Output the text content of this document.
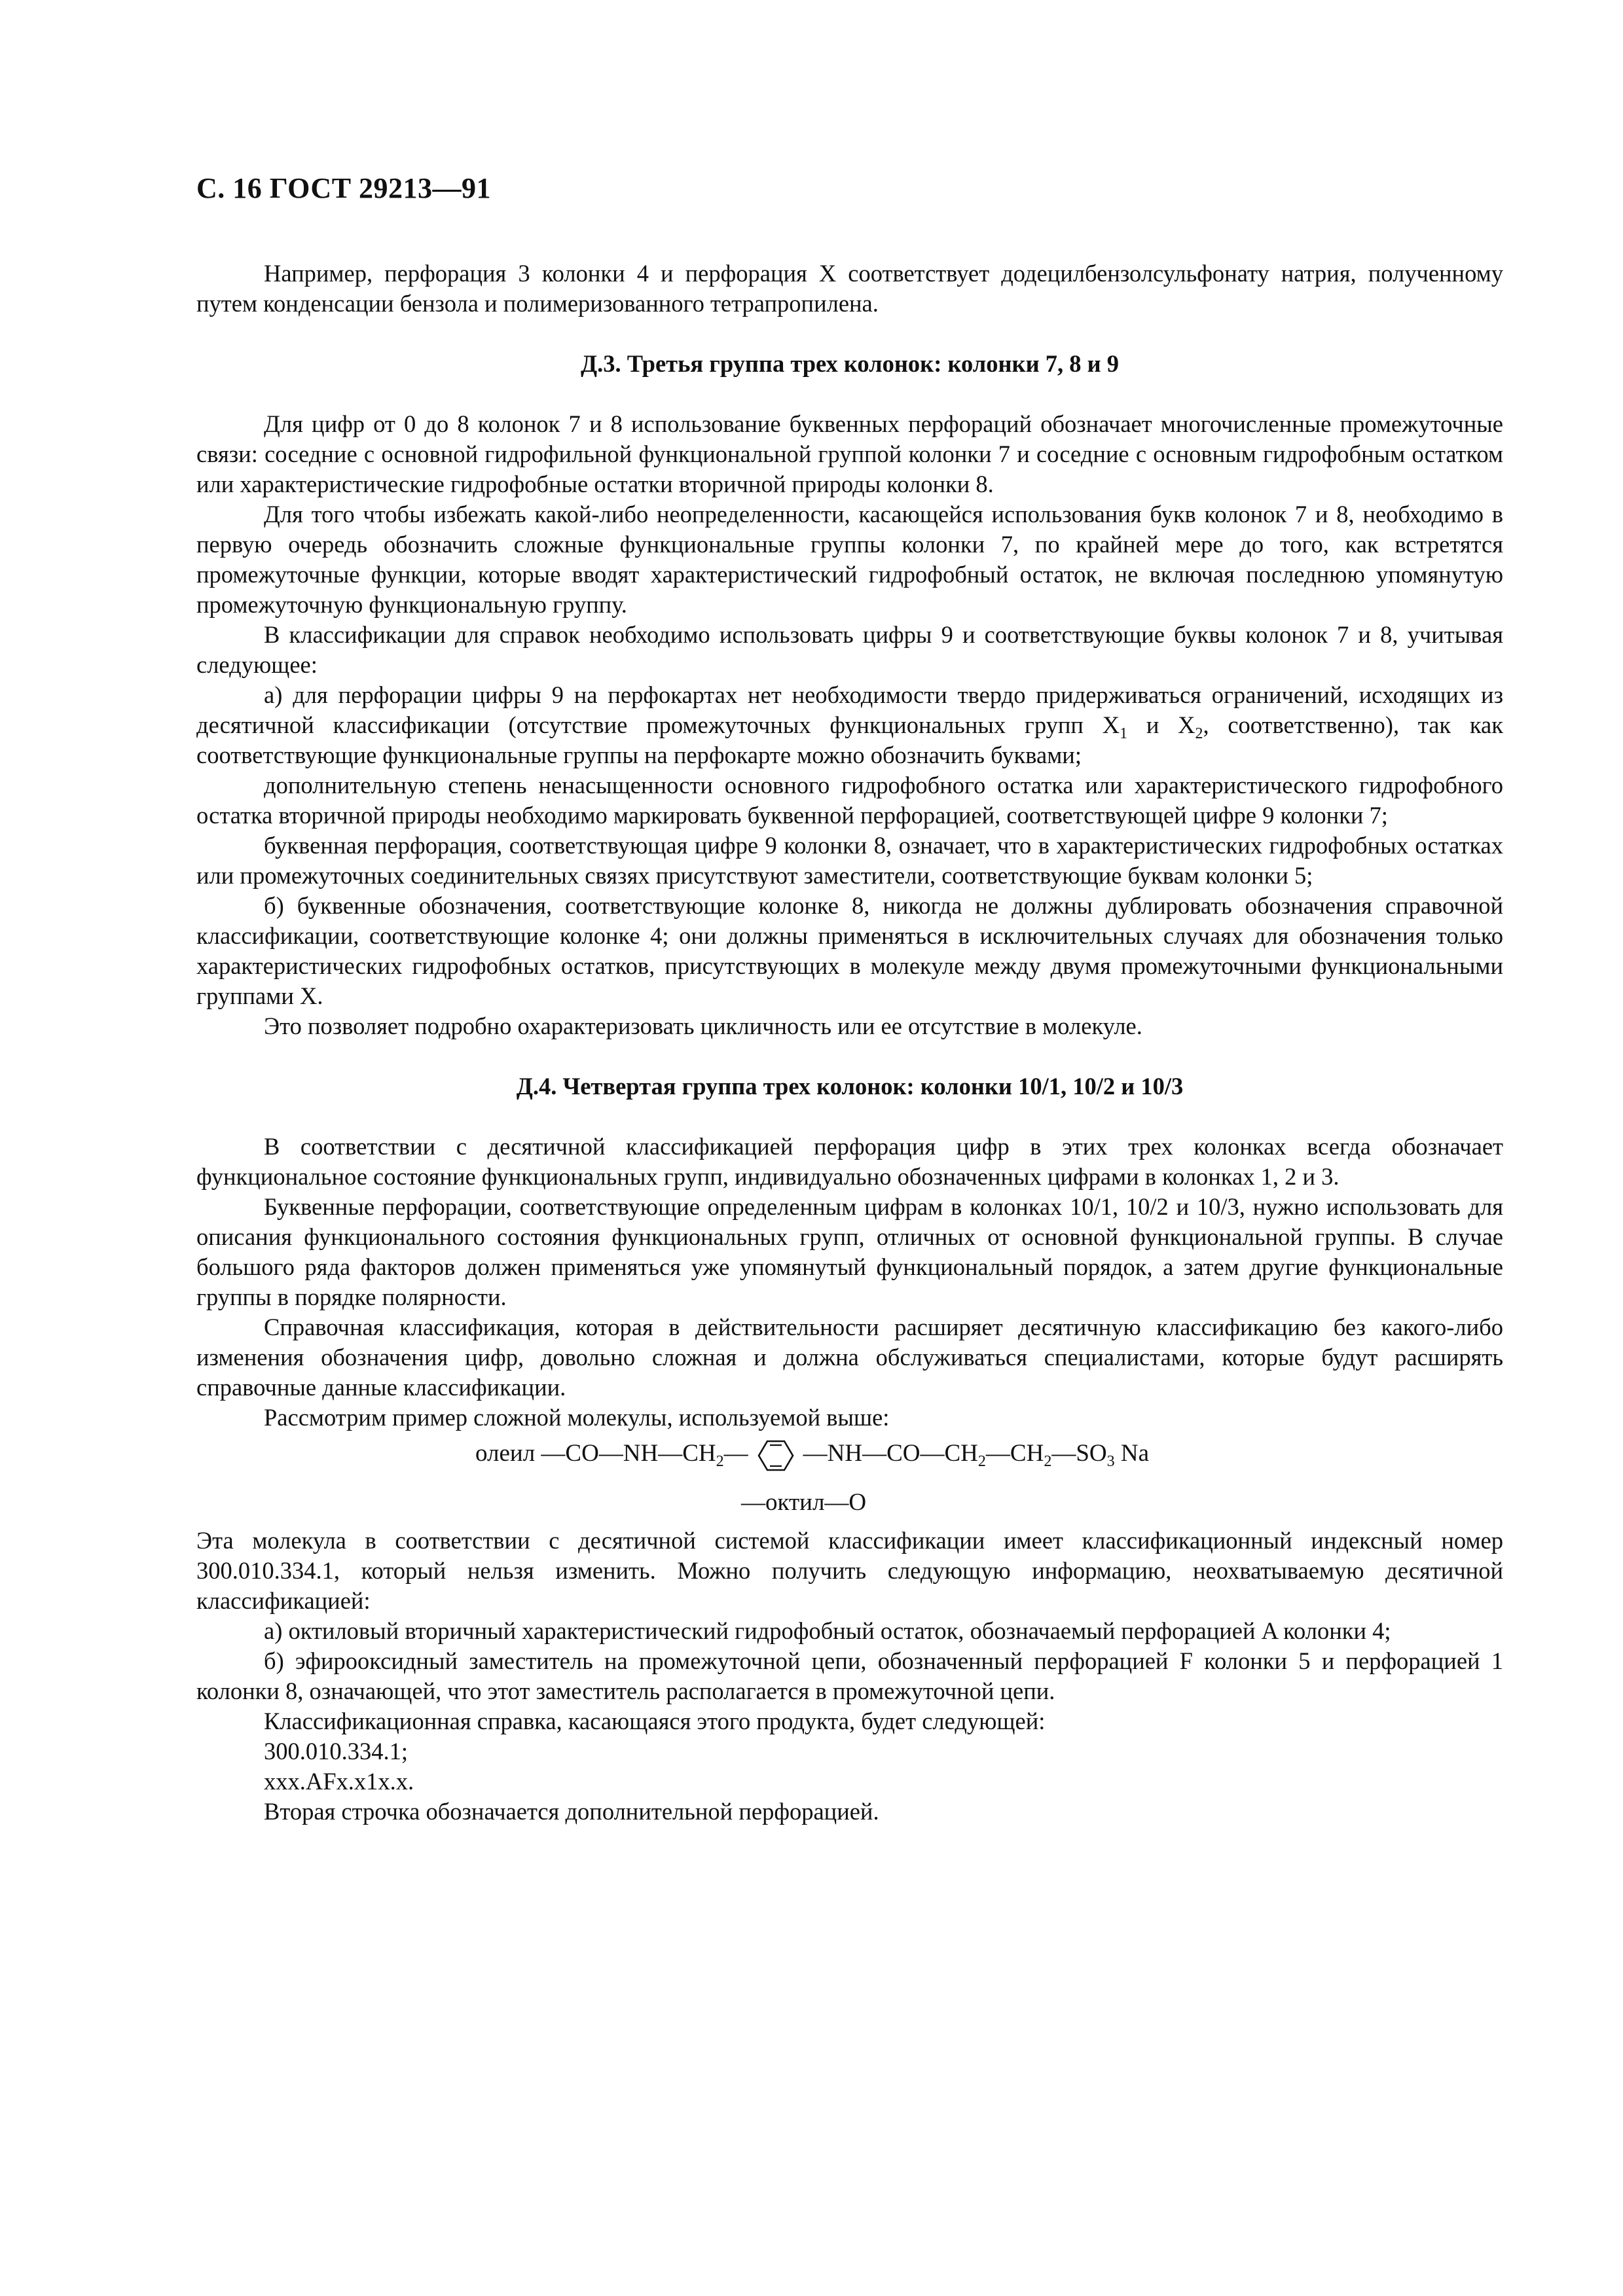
С. 16 ГОСТ 29213—91

Например, перфорация 3 колонки 4 и перфорация X соответствует додецилбензолсульфонату натрия, полученному путем конденсации бензола и полимеризованного тетрапропилена.

Д.3. Третья группа трех колонок: колонки 7, 8 и 9

Для цифр от 0 до 8 колонок 7 и 8 использование буквенных перфораций обозначает многочисленные промежуточные связи: соседние с основной гидрофильной функциональной группой колонки 7 и соседние с основным гидрофобным остатком или характеристические гидрофобные остатки вторичной природы колонки 8.

Для того чтобы избежать какой-либо неопределенности, касающейся использования букв колонок 7 и 8, необходимо в первую очередь обозначить сложные функциональные группы колонки 7, по крайней мере до того, как встретятся промежуточные функции, которые вводят характеристический гидрофобный остаток, не включая последнюю упомянутую промежуточную функциональную группу.

В классификации для справок необходимо использовать цифры 9 и соответствующие буквы колонок 7 и 8, учитывая следующее:

а) для перфорации цифры 9 на перфокартах нет необходимости твердо придерживаться ограничений, исходящих из десятичной классификации (отсутствие промежуточных функциональных групп $X_1$ и $X_2$, соответственно), так как соответствующие функциональные группы на перфокарте можно обозначить буквами;

дополнительную степень ненасыщенности основного гидрофобного остатка или характеристического гидрофобного остатка вторичной природы необходимо маркировать буквенной перфорацией, соответствующей цифре 9 колонки 7;

буквенная перфорация, соответствующая цифре 9 колонки 8, означает, что в характеристических гидрофобных остатках или промежуточных соединительных связях присутствуют заместители, соответствующие буквам колонки 5;

б) буквенные обозначения, соответствующие колонке 8, никогда не должны дублировать обозначения справочной классификации, соответствующие колонке 4; они должны применяться в исключительных случаях для обозначения только характеристических гидрофобных остатков, присутствующих в молекуле между двумя промежуточными функциональными группами X.

Это позволяет подробно охарактеризовать цикличность или ее отсутствие в молекуле.

Д.4. Четвертая группа трех колонок: колонки 10/1, 10/2 и 10/3

В соответствии с десятичной классификацией перфорация цифр в этих трех колонках всегда обозначает функциональное состояние функциональных групп, индивидуально обозначенных цифрами в колонках 1, 2 и 3.

Буквенные перфорации, соответствующие определенным цифрам в колонках 10/1, 10/2 и 10/3, нужно использовать для описания функционального состояния функциональных групп, отличных от основной функциональной группы. В случае большого ряда факторов должен применяться уже упомянутый функциональный порядок, а затем другие функциональные группы в порядке полярности.

Справочная классификация, которая в действительности расширяет десятичную классификацию без какого-либо изменения обозначения цифр, довольно сложная и должна обслуживаться специалистами, которые будут расширять справочные данные классификации.

Рассмотрим пример сложной молекулы, используемой выше:

олеил $—CO—NH—CH_2—$ $—NH—CO—CH_2—CH_2—SO_3$ Na
—октил—O

Эта молекула в соответствии с десятичной системой классификации имеет классификационный индексный номер 300.010.334.1, который нельзя изменить. Можно получить следующую информацию, неохватываемую десятичной классификацией:

а) октиловый вторичный характеристический гидрофобный остаток, обозначаемый перфорацией A колонки 4;

б) эфирооксидный заместитель на промежуточной цепи, обозначенный перфорацией F колонки 5 и перфорацией 1 колонки 8, означающей, что этот заместитель располагается в промежуточной цепи.

Классификационная справка, касающаяся этого продукта, будет следующей:

300.010.334.1;

xxx.AFx.x1x.x.

Вторая строчка обозначается дополнительной перфорацией.
